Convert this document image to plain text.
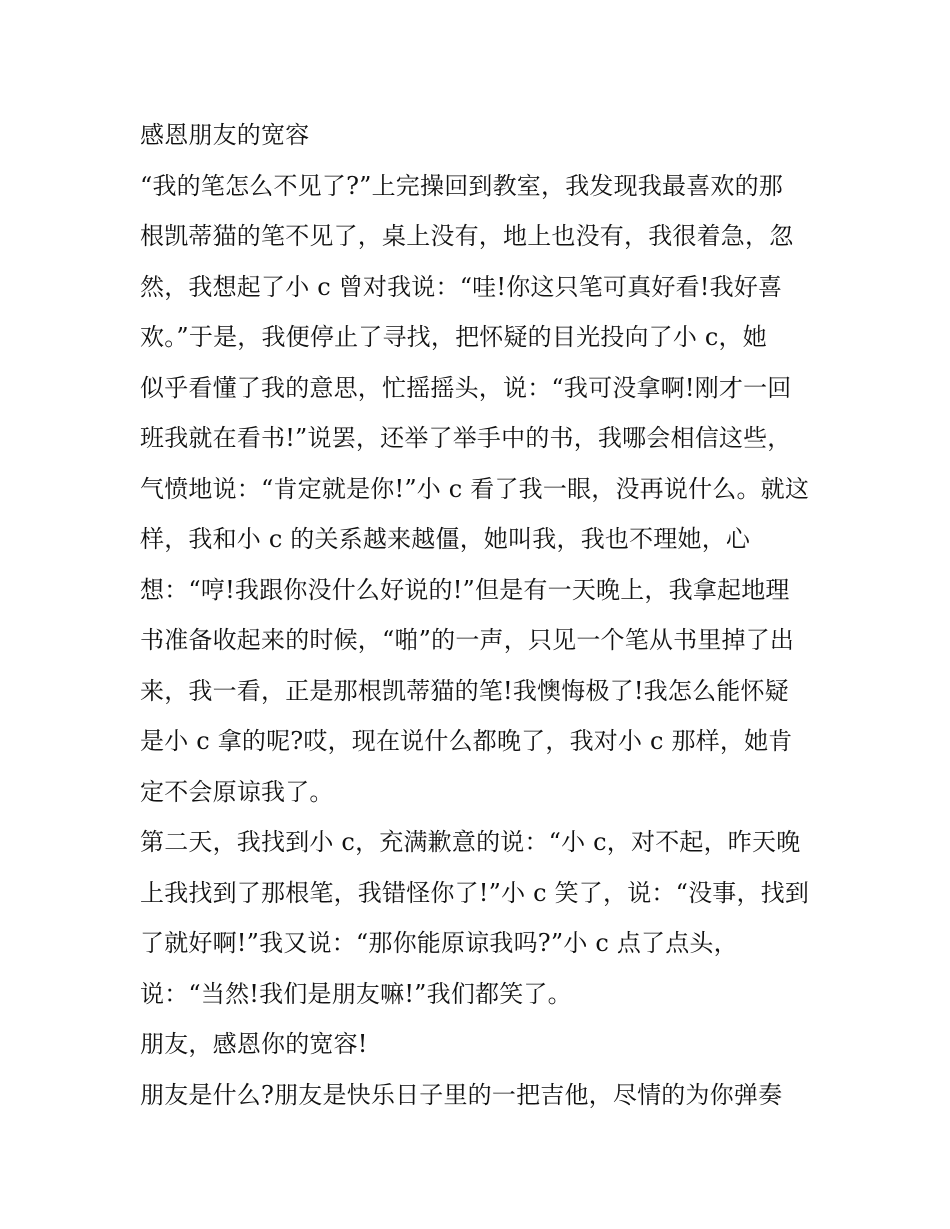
感恩朋友的宽容
“我的笔怎么不见了?”上完操回到教室，我发现我最喜欢的那
根凯蒂猫的笔不见了，桌上没有，地上也没有，我很着急，忽
然，我想起了小 c 曾对我说：“哇!你这只笔可真好看!我好喜
欢。”于是，我便停止了寻找，把怀疑的目光投向了小 c，她
似乎看懂了我的意思，忙摇摇头，说：“我可没拿啊!刚才一回
班我就在看书!”说罢，还举了举手中的书，我哪会相信这些，
气愤地说：“肯定就是你!”小 c 看了我一眼，没再说什么。就这
样，我和小 c 的关系越来越僵，她叫我，我也不理她，心
想：“哼!我跟你没什么好说的!”但是有一天晚上，我拿起地理
书准备收起来的时候，“啪”的一声，只见一个笔从书里掉了出
来，我一看，正是那根凯蒂猫的笔!我懊悔极了!我怎么能怀疑
是小 c 拿的呢?哎，现在说什么都晚了，我对小 c 那样，她肯
定不会原谅我了。
第二天，我找到小 c，充满歉意的说：“小 c，对不起，昨天晚
上我找到了那根笔，我错怪你了!”小 c 笑了，说：“没事，找到
了就好啊!”我又说：“那你能原谅我吗?”小 c 点了点头，
说：“当然!我们是朋友嘛!”我们都笑了。
朋友，感恩你的宽容!
朋友是什么?朋友是快乐日子里的一把吉他，尽情的为你弹奏
